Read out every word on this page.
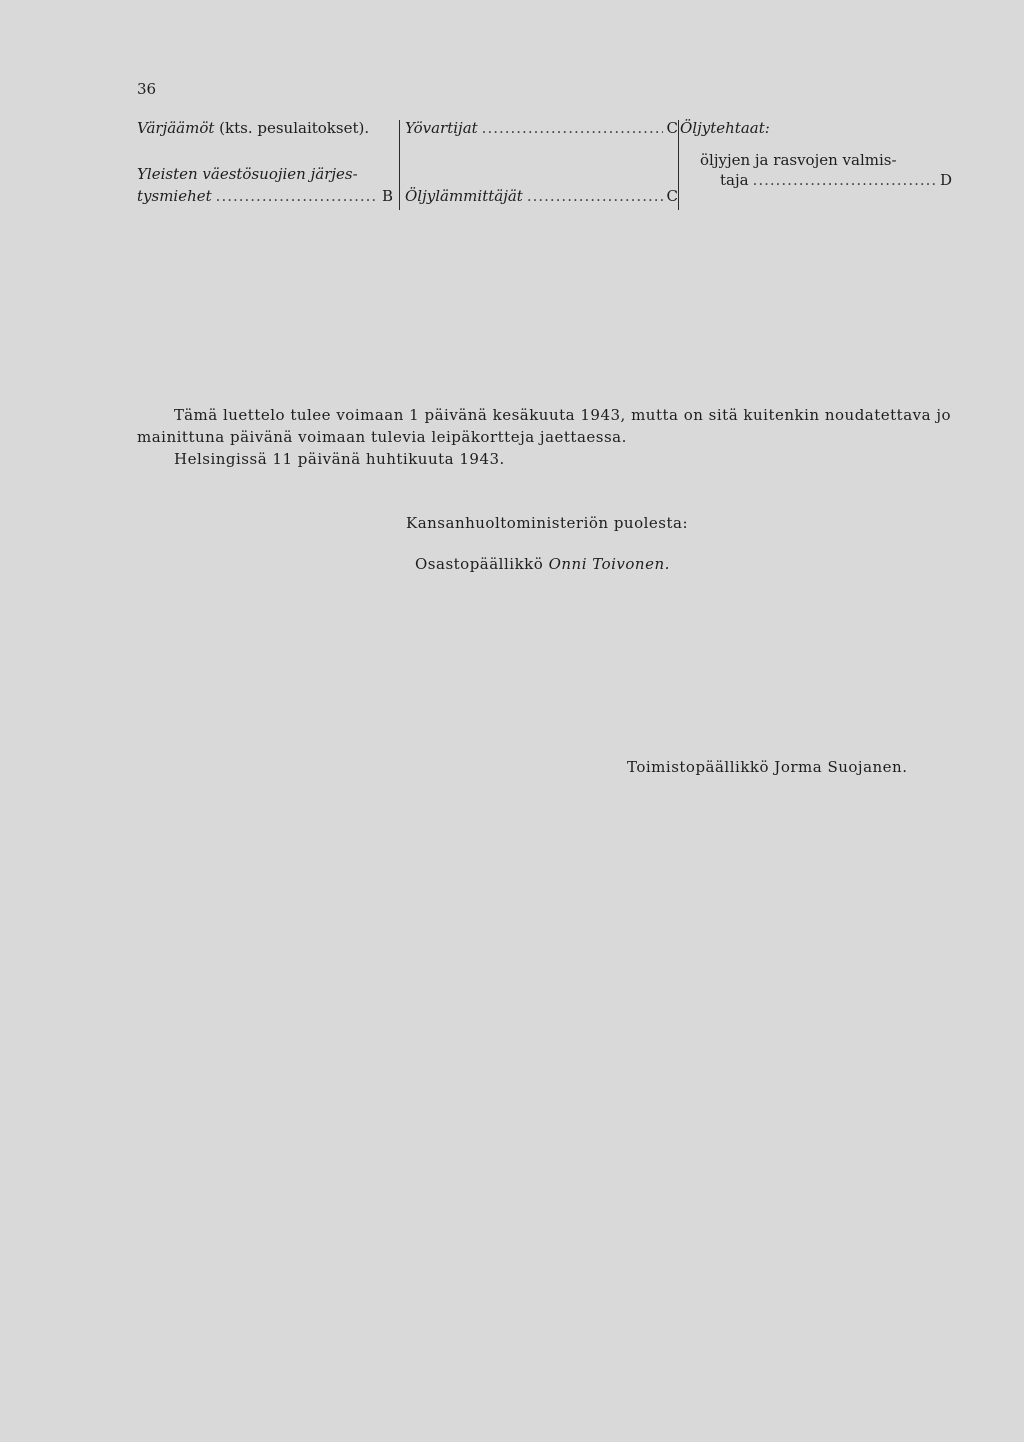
36
Värjäämöt (kts. pesulaitokset).
Yleisten väestösuojien järjes-
tysmiehet .....	B
Yövartijat .....	C
Öljylämmittäjät .....	C
Öljytehtaat:
öljyjen ja rasvojen valmis-
taja .....	D
Tämä luettelo tulee voimaan 1 päivänä kesäkuuta 1943, mutta on sitä kuitenkin noudatettava jo
mainittuna päivänä voimaan tulevia leipäkortteja jaettaessa.
Helsingissä 11 päivänä huhtikuuta 1943.
Kansanhuoltoministeriön puolesta:
Osastopäällikkö Onni Toivonen.
Toimistopäällikkö Jorma Suojanen.
